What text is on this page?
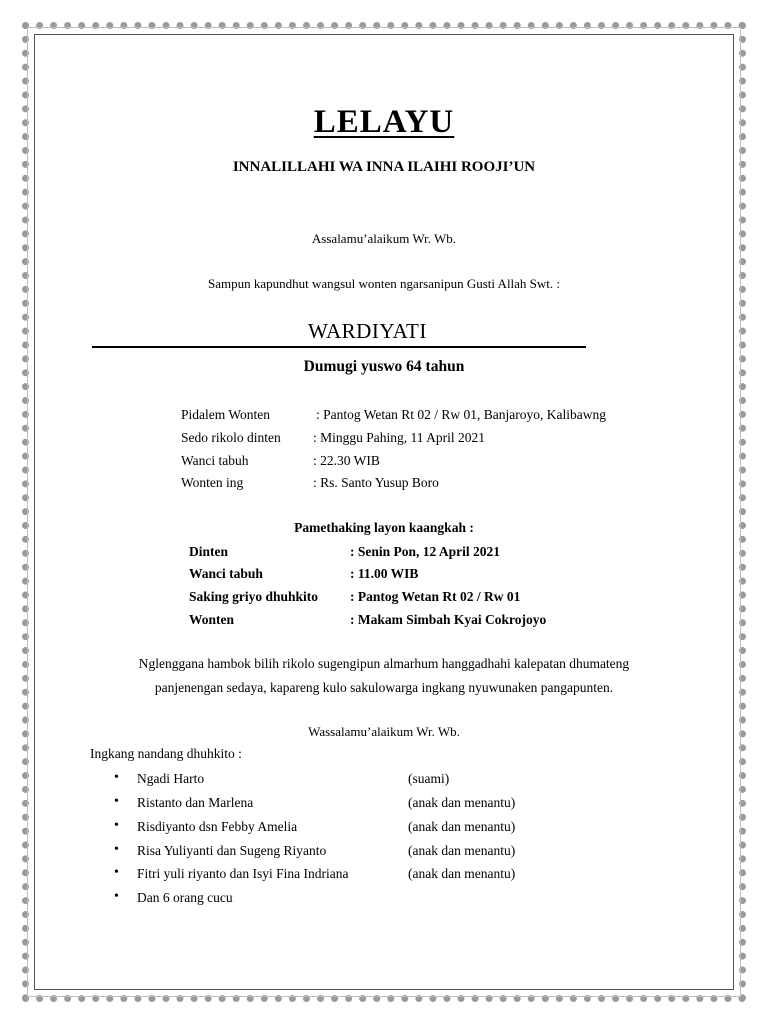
LELAYU
INNALILLAHI WA INNA ILAIHI ROOJI’UN
Assalamu’alaikum Wr. Wb.
Sampun kapundhut wangsul wonten ngarsanipun Gusti Allah Swt. :
WARDIYATI
Dumugi yuswo 64 tahun
Pidalem Wonten	: Pantog Wetan Rt 02 / Rw 01, Banjaroyo, Kalibawng
Sedo rikolo dinten : Minggu Pahing, 11 April 2021
Wanci tabuh	: 22.30 WIB
Wonten ing	: Rs. Santo Yusup Boro
Pamethaking layon kaangkah :
Dinten	: Senin Pon, 12 April 2021
Wanci tabuh	: 11.00 WIB
Saking griyo dhuhkito : Pantog Wetan Rt 02 / Rw 01
Wonten	: Makam Simbah Kyai Cokrojoyo
Nglenggana hambok bilih rikolo sugengipun almarhum hanggadhahi kalepatan dhumateng
panjenengan sedaya, kapareng kulo sakulowarga ingkang nyuwunaken pangapunten.
Wassalamu’alaikum Wr. Wb.
Ingkang nandang dhuhkito :
• Ngadi Harto	(suami)
• Ristanto dan Marlena	(anak dan menantu)
• Risdiyanto dsn Febby Amelia	(anak dan menantu)
• Risa Yuliyanti dan Sugeng Riyanto	(anak dan menantu)
• Fitri yuli riyanto dan Isyi Fina Indriana	(anak dan menantu)
• Dan 6 orang cucu
